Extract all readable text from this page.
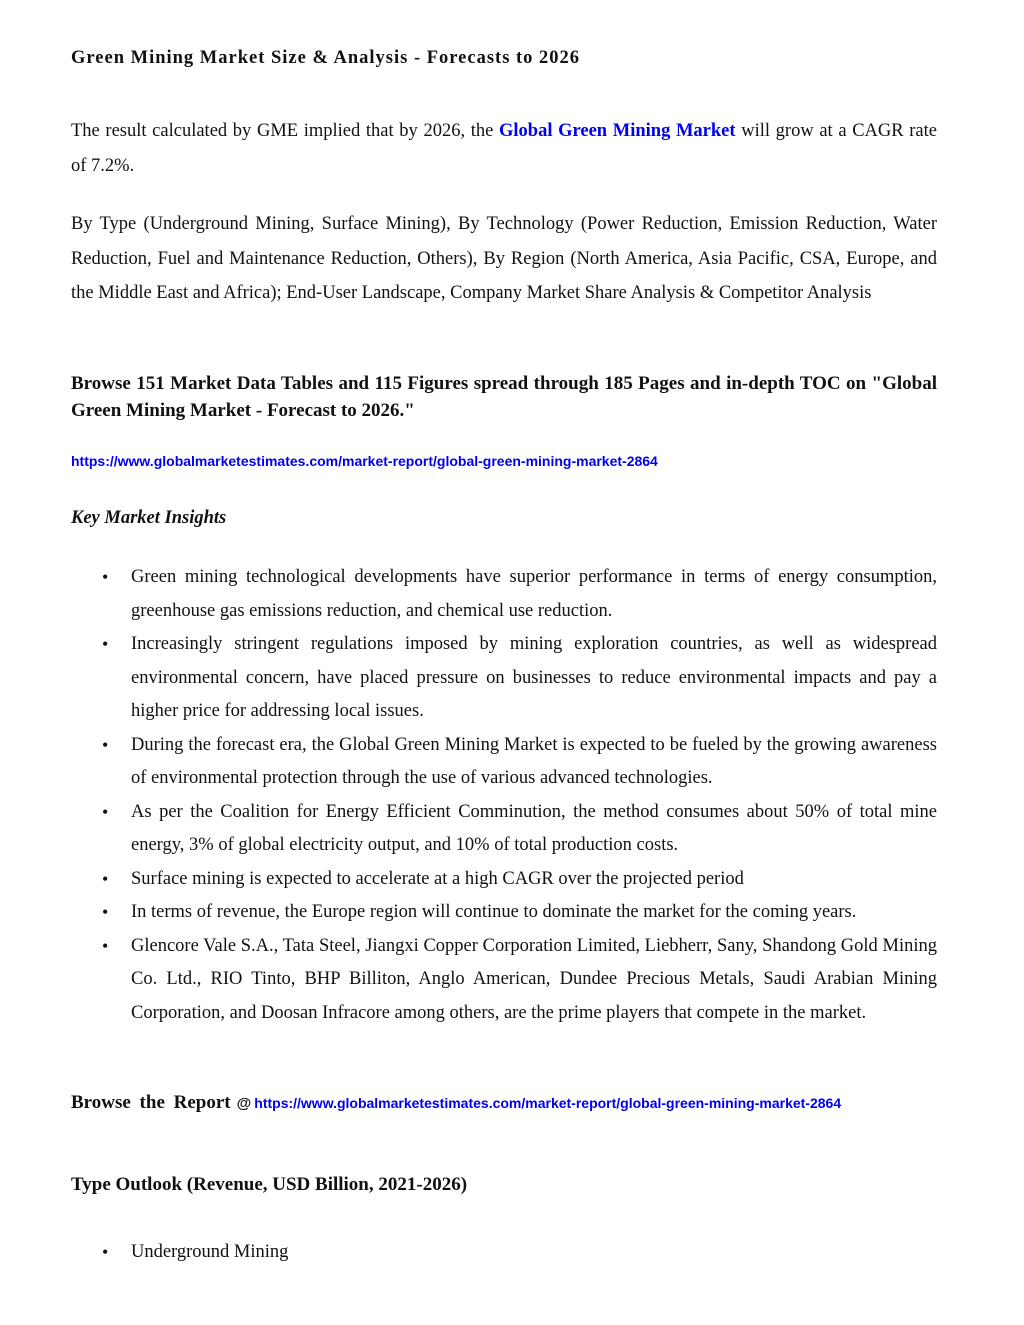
Green Mining Market Size & Analysis - Forecasts to 2026

The result calculated by GME implied that by 2026, the Global Green Mining Market will grow at a CAGR rate of 7.2%.

By Type (Underground Mining, Surface Mining), By Technology (Power Reduction, Emission Reduction, Water Reduction, Fuel and Maintenance Reduction, Others), By Region (North America, Asia Pacific, CSA, Europe, and the Middle East and Africa); End-User Landscape, Company Market Share Analysis & Competitor Analysis

Browse 151 Market Data Tables and 115 Figures spread through 185 Pages and in-depth TOC on "Global Green Mining Market - Forecast to 2026."

https://www.globalmarketestimates.com/market-report/global-green-mining-market-2864

Key Market Insights

• Green mining technological developments have superior performance in terms of energy consumption, greenhouse gas emissions reduction, and chemical use reduction.
• Increasingly stringent regulations imposed by mining exploration countries, as well as widespread environmental concern, have placed pressure on businesses to reduce environmental impacts and pay a higher price for addressing local issues.
• During the forecast era, the Global Green Mining Market is expected to be fueled by the growing awareness of environmental protection through the use of various advanced technologies.
• As per the Coalition for Energy Efficient Comminution, the method consumes about 50% of total mine energy, 3% of global electricity output, and 10% of total production costs.
• Surface mining is expected to accelerate at a high CAGR over the projected period
• In terms of revenue, the Europe region will continue to dominate the market for the coming years.
• Glencore Vale S.A., Tata Steel, Jiangxi Copper Corporation Limited, Liebherr, Sany, Shandong Gold Mining Co. Ltd., RIO Tinto, BHP Billiton, Anglo American, Dundee Precious Metals, Saudi Arabian Mining Corporation, and Doosan Infracore among others, are the prime players that compete in the market.

Browse the Report @ https://www.globalmarketestimates.com/market-report/global-green-mining-market-2864

Type Outlook (Revenue, USD Billion, 2021-2026)

• Underground Mining
